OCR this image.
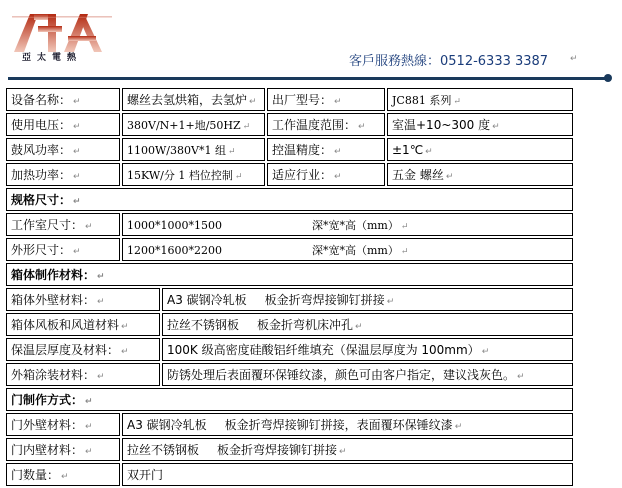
亞太電熱	客戶服務熱線：0512-6333 3387 ↵
设备名称： ↵	螺丝去氢烘箱，去氢炉 ↵		出厂型号： ↵	JC881 系列 ↵
使用电压： ↵	380V/N+1+地/50HZ ↵		工作温度范围： ↵	室温+10~300 度 ↵
鼓风功率： ↵	1100W/380V*1 组 ↵		控温精度： ↵	±1℃ ↵
加热功率： ↵	15KW/分 1 档位控制 ↵		适应行业： ↵	五金 螺丝 ↵
规格尺寸： ↵				
工作室尺寸： ↵	1000*1000*1500 深*宽*高（mm） ↵			
外形尺寸： ↵	1200*1600*2200 深*宽*高（mm） ↵			
箱体制作材料： ↵				
箱体外壁材料： ↵		A3 碳钢冷轧板 板金折弯焊接铆钉拼接 ↵		
箱体风板和风道材料 ↵		拉丝不锈钢板 板金折弯机床冲孔 ↵		
保温层厚度及材料： ↵		100K 级高密度硅酸铝纤维填充（保温层厚度为 100mm） ↵		
外箱涂装材料： ↵		防锈处理后表面覆环保锤纹漆，颜色可由客户指定，建议浅灰色。 ↵		
门制作方式： ↵				
门外壁材料： ↵	A3 碳钢冷轧板 板金折弯焊接铆钉拼接，表面覆环保锤纹漆 ↵			
门内壁材料： ↵	拉丝不锈钢板 板金折弯焊接铆钉拼接 ↵			
门数量： ↵	双开门			
